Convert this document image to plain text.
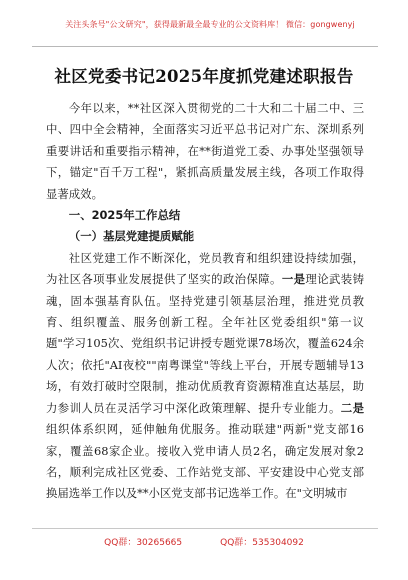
关注头条号"公文研究"，获得最新最全最专业的公文资料库！ 微信：gongwenyj
社区党委书记2025年度抓党建述职报告

今年以来，**社区深入贯彻党的二十大和二十届二中、三中、四中全会精神，全面落实习近平总书记对广东、深圳系列重要讲话和重要指示精神，在**街道党工委、办事处坚强领导下，锚定"百千万工程"，紧抓高质量发展主线，各项工作取得显著成效。

一、2025年工作总结

（一）基层党建提质赋能

社区党建工作不断深化，党员教育和组织建设持续加强，为社区各项事业发展提供了坚实的政治保障。一是理论武装铸魂，固本强基育队伍。坚持党建引领基层治理，推进党员教育、组织覆盖、服务创新工程。全年社区党委组织"第一议题"学习105次、党组织书记讲授专题党课78场次，覆盖624余人次；依托"AI夜校""南粤课堂"等线上平台，开展专题辅导13场，有效打破时空限制，推动优质教育资源精准直达基层，助力参训人员在灵活学习中深化政策理解、提升专业能力。二是组织体系织网，延伸触角优服务。推动联建"两新"党支部16家，覆盖68家企业。接收入党申请人员2名，确定发展对象2名，顺利完成社区党委、工作站党支部、平安建设中心党支部换届选举工作以及**小区党支部书记选举工作。在"文明城市

QQ群：30265665	QQ群：535304092
